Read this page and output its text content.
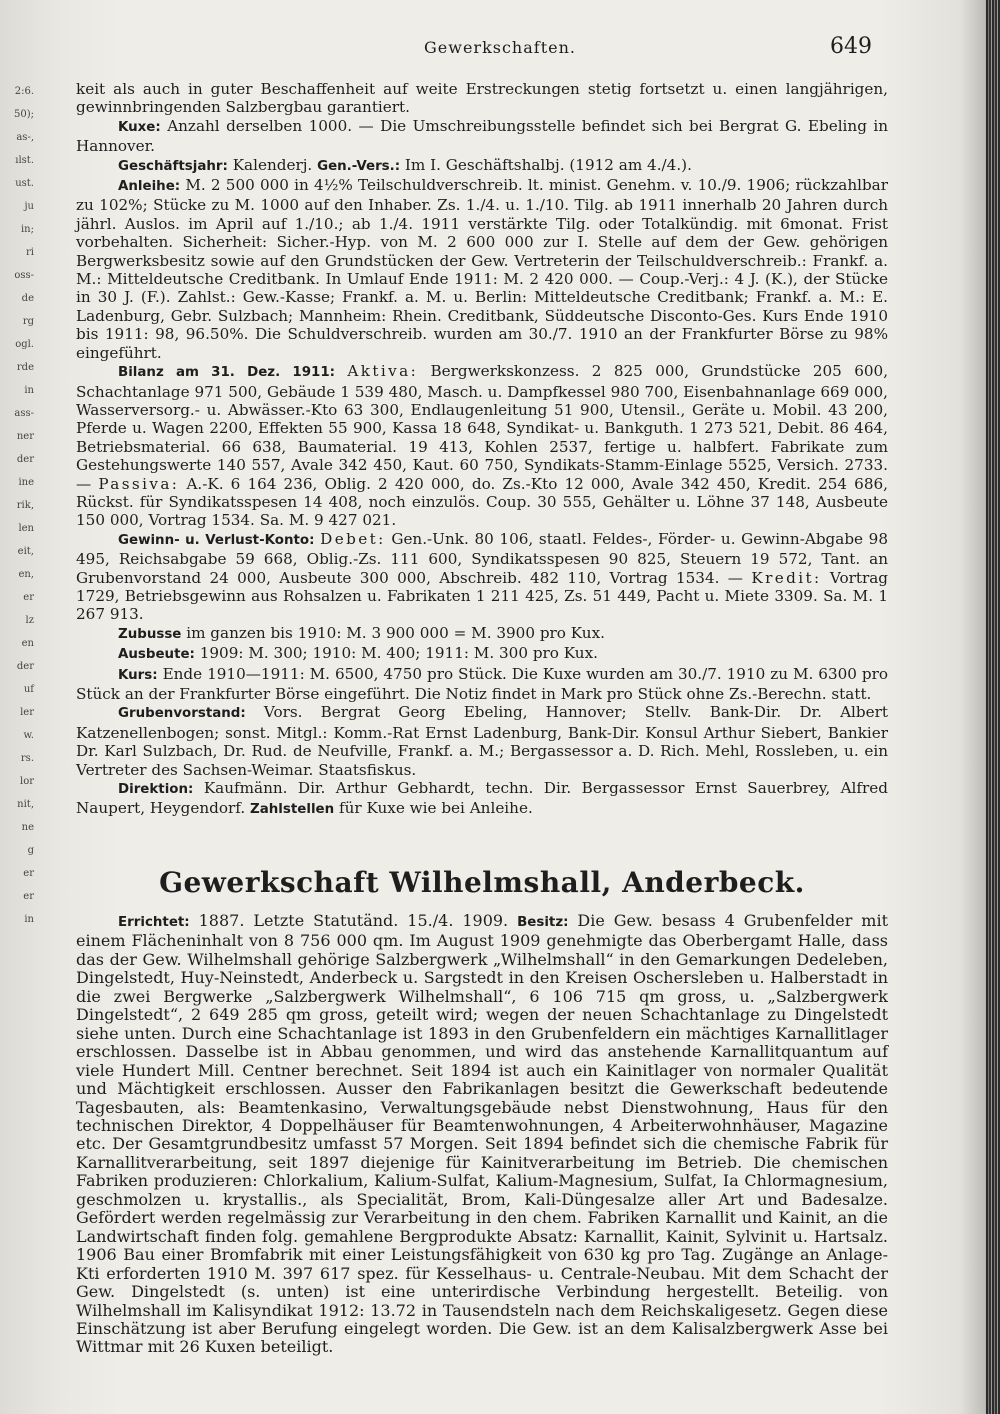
2:6.
50);
as-,
ılst.
ust.
ju
in;
ri
oss-
de
rg
ogl.
rde
in
ass-
ner
der
ine
rik,
len
eit,
en,
er
lz
en
der
uf
ler
w.
rs.
lor
nit,
ne
g
er
er
in
Gewerkschaften.	649

keit als auch in guter Beschaffenheit auf weite Erstreckungen stetig fortsetzt u. einen langjährigen, gewinnbringenden Salzbergbau garantiert.

Kuxe: Anzahl derselben 1000. — Die Umschreibungsstelle befindet sich bei Bergrat G. Ebeling in Hannover.

Geschäftsjahr: Kalenderj. Gen.-Vers.: Im I. Geschäftshalbj. (1912 am 4./4.).

Anleihe: M. 2 500 000 in 4½% Teilschuldverschreib. lt. minist. Genehm. v. 10./9. 1906; rückzahlbar zu 102%; Stücke zu M. 1000 auf den Inhaber. Zs. 1./4. u. 1./10. Tilg. ab 1911 innerhalb 20 Jahren durch jährl. Auslos. im April auf 1./10.; ab 1./4. 1911 verstärkte Tilg. oder Totalkündig. mit 6monat. Frist vorbehalten. Sicherheit: Sicher.-Hyp. von M. 2 600 000 zur I. Stelle auf dem der Gew. gehörigen Bergwerksbesitz sowie auf den Grundstücken der Gew. Vertreterin der Teilschuldverschreib.: Frankf. a. M.: Mitteldeutsche Creditbank. In Umlauf Ende 1911: M. 2 420 000. — Coup.-Verj.: 4 J. (K.), der Stücke in 30 J. (F.). Zahlst.: Gew.-Kasse; Frankf. a. M. u. Berlin: Mitteldeutsche Creditbank; Frankf. a. M.: E. Ladenburg, Gebr. Sulzbach; Mannheim: Rhein. Creditbank, Süddeutsche Disconto-Ges. Kurs Ende 1910 bis 1911: 98, 96.50%. Die Schuldverschreib. wurden am 30./7. 1910 an der Frankfurter Börse zu 98% eingeführt.

Bilanz am 31. Dez. 1911: Aktiva: Bergwerkskonzess. 2 825 000, Grundstücke 205 600, Schachtanlage 971 500, Gebäude 1 539 480, Masch. u. Dampfkessel 980 700, Eisenbahnanlage 669 000, Wasserversorg.- u. Abwässer.-Kto 63 300, Endlaugenleitung 51 900, Utensil., Geräte u. Mobil. 43 200, Pferde u. Wagen 2200, Effekten 55 900, Kassa 18 648, Syndikat- u. Bankguth. 1 273 521, Debit. 86 464, Betriebsmaterial. 66 638, Baumaterial. 19 413, Kohlen 2537, fertige u. halbfert. Fabrikate zum Gestehungswerte 140 557, Avale 342 450, Kaut. 60 750, Syndikats-Stamm-Einlage 5525, Versich. 2733. — Passiva: A.-K. 6 164 236, Oblig. 2 420 000, do. Zs.-Kto 12 000, Avale 342 450, Kredit. 254 686, Rückst. für Syndikatsspesen 14 408, noch einzulös. Coup. 30 555, Gehälter u. Löhne 37 148, Ausbeute 150 000, Vortrag 1534. Sa. M. 9 427 021.

Gewinn- u. Verlust-Konto: Debet: Gen.-Unk. 80 106, staatl. Feldes-, Förder- u. Gewinn-Abgabe 98 495, Reichsabgabe 59 668, Oblig.-Zs. 111 600, Syndikatsspesen 90 825, Steuern 19 572, Tant. an Grubenvorstand 24 000, Ausbeute 300 000, Abschreib. 482 110, Vortrag 1534. — Kredit: Vortrag 1729, Betriebsgewinn aus Rohsalzen u. Fabrikaten 1 211 425, Zs. 51 449, Pacht u. Miete 3309. Sa. M. 1 267 913.

Zubusse im ganzen bis 1910: M. 3 900 000 = M. 3900 pro Kux.

Ausbeute: 1909: M. 300; 1910: M. 400; 1911: M. 300 pro Kux.

Kurs: Ende 1910—1911: M. 6500, 4750 pro Stück. Die Kuxe wurden am 30./7. 1910 zu M. 6300 pro Stück an der Frankfurter Börse eingeführt. Die Notiz findet in Mark pro Stück ohne Zs.-Berechn. statt.

Grubenvorstand: Vors. Bergrat Georg Ebeling, Hannover; Stellv. Bank-Dir. Dr. Albert Katzenellenbogen; sonst. Mitgl.: Komm.-Rat Ernst Ladenburg, Bank-Dir. Konsul Arthur Siebert, Bankier Dr. Karl Sulzbach, Dr. Rud. de Neufville, Frankf. a. M.; Bergassessor a. D. Rich. Mehl, Rossleben, u. ein Vertreter des Sachsen-Weimar. Staatsfiskus.

Direktion: Kaufmänn. Dir. Arthur Gebhardt, techn. Dir. Bergassessor Ernst Sauerbrey, Alfred Naupert, Heygendorf. Zahlstellen für Kuxe wie bei Anleihe.

Gewerkschaft Wilhelmshall, Anderbeck.

Errichtet: 1887. Letzte Statutänd. 15./4. 1909. Besitz: Die Gew. besass 4 Grubenfelder mit einem Flächeninhalt von 8 756 000 qm. Im August 1909 genehmigte das Oberbergamt Halle, dass das der Gew. Wilhelmshall gehörige Salzbergwerk „Wilhelmshall“ in den Gemarkungen Dedeleben, Dingelstedt, Huy-Neinstedt, Anderbeck u. Sargstedt in den Kreisen Oschersleben u. Halberstadt in die zwei Bergwerke „Salzbergwerk Wilhelmshall“, 6 106 715 qm gross, u. „Salzbergwerk Dingelstedt“, 2 649 285 qm gross, geteilt wird; wegen der neuen Schachtanlage zu Dingelstedt siehe unten. Durch eine Schachtanlage ist 1893 in den Grubenfeldern ein mächtiges Karnallitlager erschlossen. Dasselbe ist in Abbau genommen, und wird das anstehende Karnallitquantum auf viele Hundert Mill. Centner berechnet. Seit 1894 ist auch ein Kainitlager von normaler Qualität und Mächtigkeit erschlossen. Ausser den Fabrikanlagen besitzt die Gewerkschaft bedeutende Tagesbauten, als: Beamtenkasino, Verwaltungsgebäude nebst Dienstwohnung, Haus für den technischen Direktor, 4 Doppelhäuser für Beamtenwohnungen, 4 Arbeiterwohnhäuser, Magazine etc. Der Gesamtgrundbesitz umfasst 57 Morgen. Seit 1894 befindet sich die chemische Fabrik für Karnallitverarbeitung, seit 1897 diejenige für Kainitverarbeitung im Betrieb. Die chemischen Fabriken produzieren: Chlorkalium, Kalium-Sulfat, Kalium-Magnesium, Sulfat, Ia Chlormagnesium, geschmolzen u. krystallis., als Specialität, Brom, Kali-Düngesalze aller Art und Badesalze. Gefördert werden regelmässig zur Verarbeitung in den chem. Fabriken Karnallit und Kainit, an die Landwirtschaft finden folg. gemahlene Bergprodukte Absatz: Karnallit, Kainit, Sylvinit u. Hartsalz. 1906 Bau einer Bromfabrik mit einer Leistungsfähigkeit von 630 kg pro Tag. Zugänge an Anlage-Kti erforderten 1910 M. 397 617 spez. für Kesselhaus- u. Centrale-Neubau. Mit dem Schacht der Gew. Dingelstedt (s. unten) ist eine unterirdische Verbindung hergestellt. Beteilig. von Wilhelmshall im Kalisyndikat 1912: 13.72 in Tausendsteln nach dem Reichskaligesetz. Gegen diese Einschätzung ist aber Berufung eingelegt worden. Die Gew. ist an dem Kalisalzbergwerk Asse bei Wittmar mit 26 Kuxen beteiligt.
